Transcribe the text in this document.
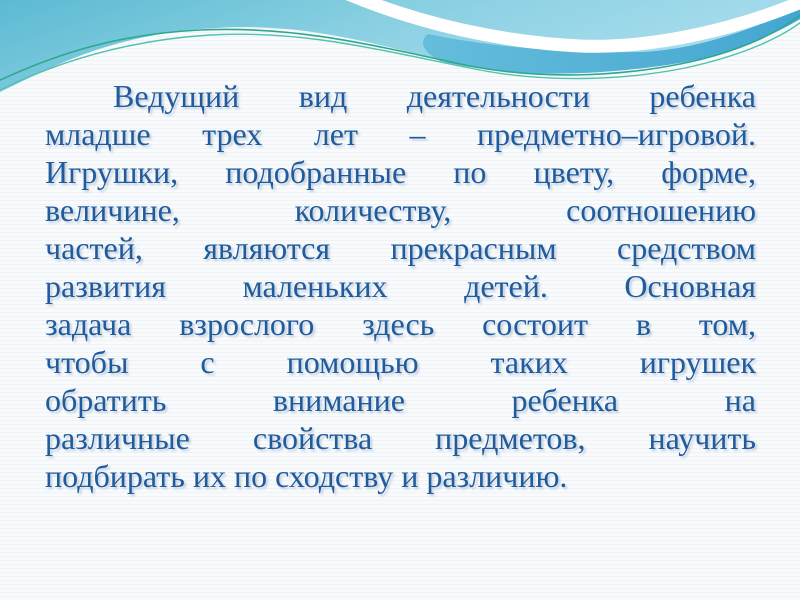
Ведущий вид деятельности ребенка
младше трех лет – предметно–игровой.
Игрушки, подобранные по цвету, форме,
величине, количеству, соотношению
частей, являются прекрасным средством
развития маленьких детей. Основная
задача взрослого здесь состоит в том,
чтобы с помощью таких игрушек
обратить внимание ребенка на
различные свойства предметов, научить
подбирать их по сходству и различию.
